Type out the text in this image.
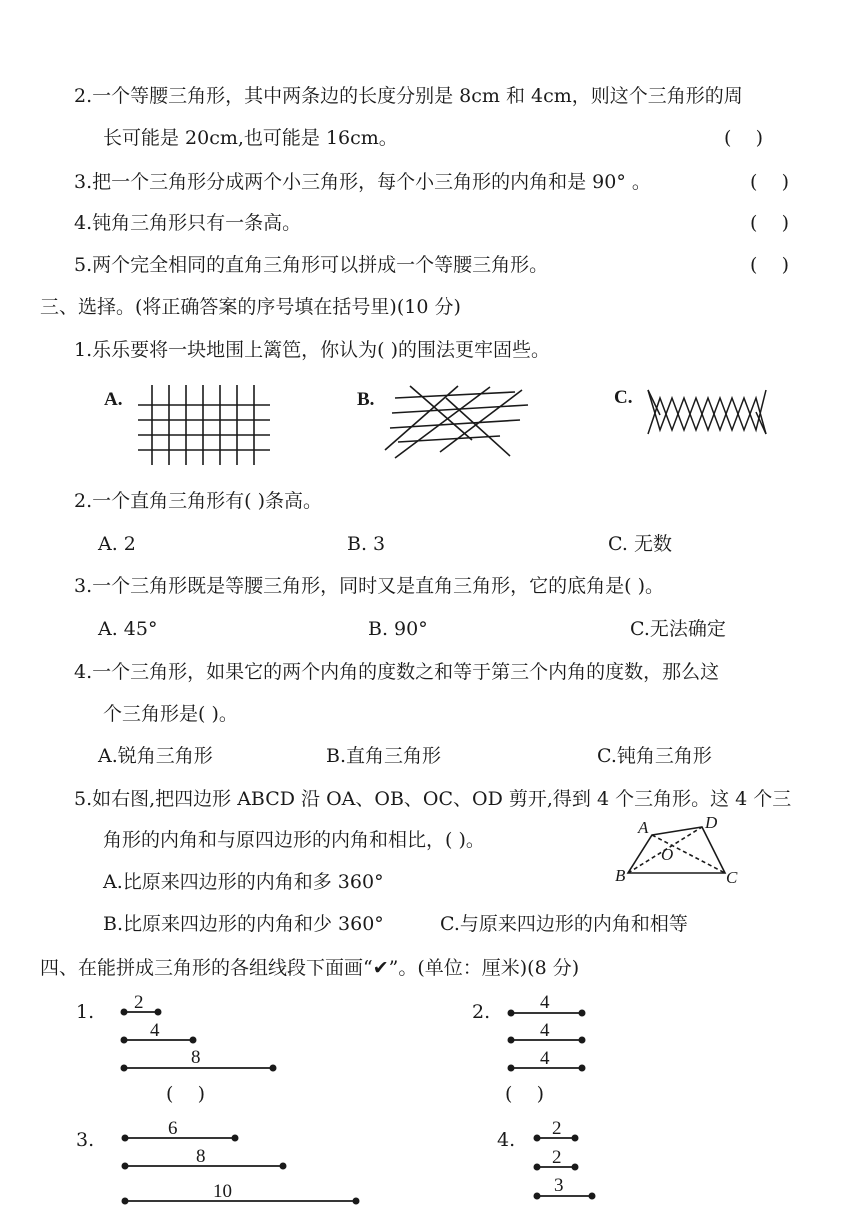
2.一个等腰三角形，其中两条边的长度分别是 8cm 和 4cm，则这个三角形的周
长可能是 20cm,也可能是 16cm。	(    )
3.把一个三角形分成两个小三角形，每个小三角形的内角和是 90° 。	(    )
4.钝角三角形只有一条高。	(    )
5.两个完全相同的直角三角形可以拼成一个等腰三角形。	(    )
三、选择。(将正确答案的序号填在括号里)(10 分)
1.乐乐要将一块地围上篱笆，你认为( )的围法更牢固些。
A.	B.	C.
2.一个直角三角形有( )条高。
A. 2	B. 3	C. 无数
3.一个三角形既是等腰三角形，同时又是直角三角形，它的底角是( )。
A. 45°	B. 90°	C.无法确定
4.一个三角形，如果它的两个内角的度数之和等于第三个内角的度数，那么这
个三角形是( )。
A.锐角三角形	B.直角三角形	C.钝角三角形
5.如右图,把四边形 ABCD 沿 OA、OB、OC、OD 剪开,得到 4 个三角形。这 4 个三
角形的内角和与原四边形的内角和相比，( )。
A.比原来四边形的内角和多 360°
B.比原来四边形的内角和少 360°	C.与原来四边形的内角和相等
A	D
O
B	C
四、在能拼成三角形的各组线段下面画“✔”。(单位：厘米)(8 分)
1. 2
4
8
(    )
2.	4
4
4
(    )
3.
6
8
10
4.
2
2
3
